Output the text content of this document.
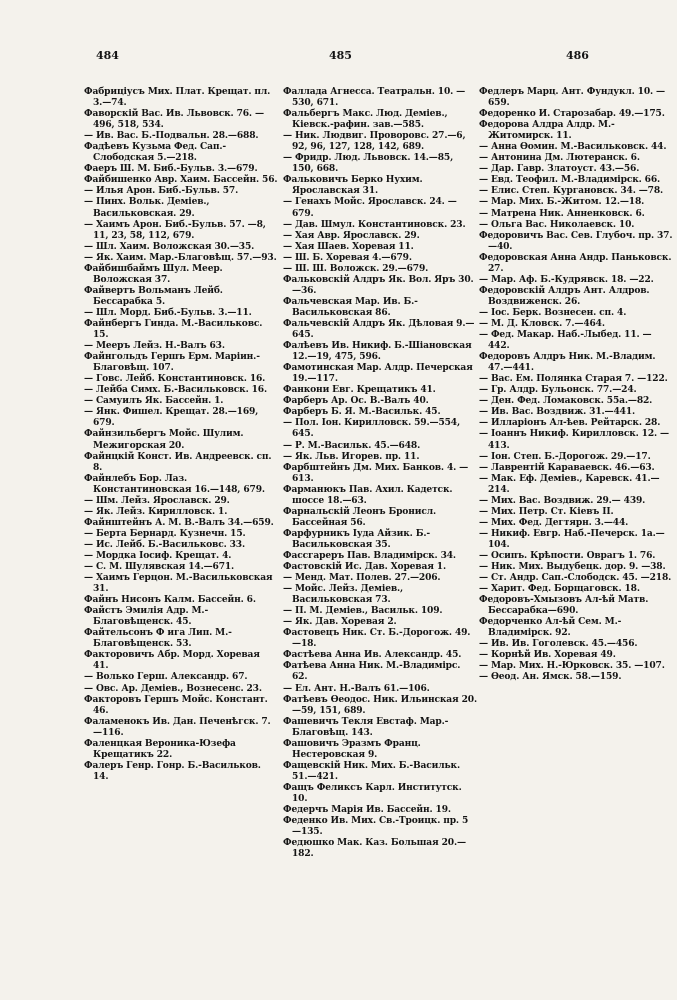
484	485	486
Фабриціусъ Мих. Плат. Крещат. пл. 3.—74.
Фаворскій Вас. Ив. Львовск. 76. —496, 518, 534.
— Ив. Вас. Б.-Подвальн. 28.—688.
Фадѣевъ Кузьма Фед. Сап.-Слободская 5.—218.
Фаеръ Ш. М. Биб.-Бульв. 3.—679.
Файбишенко Авр. Хаим. Бассейн. 56.
— Илья Арон. Биб.-Бульв. 57.
— Пинх. Вольк. Деміев., Васильковская. 29.
— Хаимъ Арон. Биб.-Бульв. 57. —8, 11, 23, 58, 112, 679.
— Шл. Хаим. Воложская 30.—35.
— Як. Хаим. Мар.-Благовѣщ. 57.—93.
Файбишбаймъ Шул. Меер. Воложская 37.
Файвертъ Вольманъ Лейб. Бессарабка 5.
— Шл. Морд. Биб.-Бульв. 3.—11.
Файнбергъ Гинда. М.-Васильковс. 15.
— Мееръ Лейз. Н.-Валъ 63.
Файнгольдъ Гершъ Ерм. Маріин.-Благовѣщ. 107.
— Говс. Лейб. Константиновск. 16.
— Лейба Симх. Б.-Васильковск. 16.
— Самуилъ Як. Бассейн. 1.
— Янк. Фишел. Крещат. 28.—169, 679.
Файнзильбергъ Мойс. Шулим. Межигорская 20.
Файнцкій Конст. Ив. Андреевск. сп. 8.
Файнлебъ Бор. Лаз. Константиновская 16.—148, 679.
— Шм. Лейз. Ярославск. 29.
— Як. Лейз. Кирилловск. 1.
Файнштейнъ А. М. В.-Валъ 34.—659.
— Берта Бернард. Кузнечн. 15.
— Ис. Лейб. Б.-Васильковс. 33.
— Мордка Іосиф. Крещат. 4.
— С. М. Шулявская 14.—671.
— Хаимъ Герцон. М.-Васильковская 31.
Файнъ Нисонъ Калм. Бассейн. 6.
Файстъ Эмилія Адр. М.-Благовѣщенск. 45.
Файтельсонъ Ф ига Лип. М.-Благовѣщенск. 53.
Факторовичъ Абр. Морд. Хоревая 41.
— Волько Герш. Александр. 67.
— Овс. Ар. Деміев., Вознесенс. 23.
Факторовъ Гершъ Мойс. Констант. 46.
Фаламенокъ Ив. Дан. Печенѣгск. 7.—116.
Фаленцкая Вероника-Юзефа Крещатикъ 22.
Фалеръ Генр. Гонр. Б.-Васильков. 14.
Фаллада Агнесса. Театральн. 10. —530, 671.
Фальбергъ Макс. Люд. Деміев., Кіевск.-рафин. зав.—585.
— Ник. Людвиг. Проворовс. 27.—6, 92, 96, 127, 128, 142, 689.
— Фридр. Люд. Львовск. 14.—85, 150, 668.
Фальковичъ Берко Нухим. Ярославская 31.
— Генахъ Мойс. Ярославск. 24. —679.
— Дав. Шмул. Константиновск. 23.
— Хая Авр. Ярославск. 29.
— Хая Шаев. Хоревая 11.
— Ш. Б. Хоревая 4.—679.
— Ш. Ш. Воложск. 29.—679.
Фальковскій Алдръ Як. Вол. Яръ 30.—36.
Фальчевская Мар. Ив. Б.-Васильковская 86.
Фальчевскій Алдръ Як. Дѣловая 9.—645.
Фалѣевъ Ив. Никиф. Б.-Шіановская 12.—19, 475, 596.
Фамотинская Мар. Алдр. Печерская 19.—117.
Фанкони Евг. Крещатикъ 41.
Фарберъ Ар. Ос. В.-Валъ 40.
Фарберъ Б. Я. М.-Васильк. 45.
— Пол. Іон. Кирилловск. 59.—554, 645.
— Р. М.-Васильк. 45.—648.
— Як. Льв. Игорев. пр. 11.
Фарбштейнъ Дм. Мих. Банков. 4. —613.
Фарманюкъ Пав. Ахил. Кадетск. шоссе 18.—63.
Фарнальскій Леонъ Бронисл. Бассейная 56.
Фарфурникъ Іуда Айзик. Б.-Васильковская 35.
Фассгареръ Пав. Владимірск. 34.
Фастовскій Ис. Дав. Хоревая 1.
— Менд. Мат. Полев. 27.—206.
— Мойс. Лейз. Деміев., Васильковская 73.
— П. М. Деміев., Васильк. 109.
— Як. Дав. Хоревая 2.
Фастовецъ Ник. Ст. Б.-Дорогож. 49.—18.
Фастѣева Анна Ив. Александр. 45.
Фатѣева Анна Ник. М.-Владимірс. 62.
— Ел. Ант. Н.-Валъ 61.—106.
Фатѣевъ Ѳеодос. Ник. Ильинская 20.—59, 151, 689.
Фашевичъ Текля Евстаф. Мар.-Благовѣщ. 143.
Фашовичъ Эразмъ Франц. Нестеровская 9.
Фащевскій Ник. Мих. Б.-Васильк. 51.—421.
Фащъ Феликсъ Карл. Институтск. 10.
Федерчъ Марія Ив. Бассейн. 19.
Феденко Ив. Мих. Св.-Троицк. пр. 5—135.
Федюшко Мак. Каз. Большая 20.—182.
Федлеръ Марц. Ант. Фундукл. 10. —659.
Федоренко И. Старозабар. 49.—175.
Федорова Алдра Алдр. М.-Житомирск. 11.
— Анна Ѳомин. М.-Васильковск. 44.
— Антонина Дм. Лютеранск. 6.
— Дар. Гавр. Златоуст. 43.—56.
— Евд. Теофил. М.-Владимірск. 66.
— Елис. Степ. Кургановск. 34. —78.
— Мар. Мих. Б.-Житом. 12.—18.
— Матрена Ник. Анненковск. 6.
— Ольга Вас. Николаевск. 10.
Федоровичъ Вас. Сев. Глубоч. пр. 37.—40.
Федоровская Анна Андр. Паньковск. 27.
— Мар. Аф. Б.-Кудрявск. 18. —22.
Федоровскій Алдръ Ант. Алдров. Воздвиженск. 26.
— Іос. Берк. Вознесен. сп. 4.
— М. Д. Кловск. 7.—464.
— Фед. Макар. Наб.-Лыбед. 11. —442.
Федоровъ Алдръ Ник. М.-Владим. 47.—441.
— Вас. Ем. Полянка Старая 7. —122.
— Гр. Алдр. Бульонск. 77.—24.
— Ден. Фед. Ломаковск. 55а.—82.
— Ив. Вас. Воздвиж. 31.—441.
— Илларіонъ Ал-ѣев. Рейтарск. 28.
— Іоаннъ Никиф. Кирилловск. 12. —413.
— Іон. Степ. Б.-Дорогож. 29.—17.
— Лаврентій Караваевск. 46.—63.
— Мак. Еф. Деміев., Каревск. 41.—214.
— Мих. Вас. Воздвиж. 29.— 439.
— Мих. Петр. Ст. Кіевъ II.
— Мих. Фед. Дегтярн. 3.—44.
— Никиф. Евгр. Наб.-Печерск. 1а.—104.
— Осипъ. Крѣпости. Оврагъ 1. 76.
— Ник. Мих. Выдубецк. дор. 9. —38.
— Ст. Андр. Сап.-Слободск. 45. —218.
— Харит. Фед. Борщаговск. 18.
Федоровъ-Хмызовъ Ал-ѣй Матв. Бессарабка—690.
Федорченко Ал-ѣй Сем. М.-Владимірск. 92.
— Ив. Ив. Гоголевск. 45.—456.
— Корнѣй Ив. Хоревая 49.
— Мар. Мих. Н.-Юрковск. 35. —107.
— Ѳеод. Ан. Ямск. 58.—159.
